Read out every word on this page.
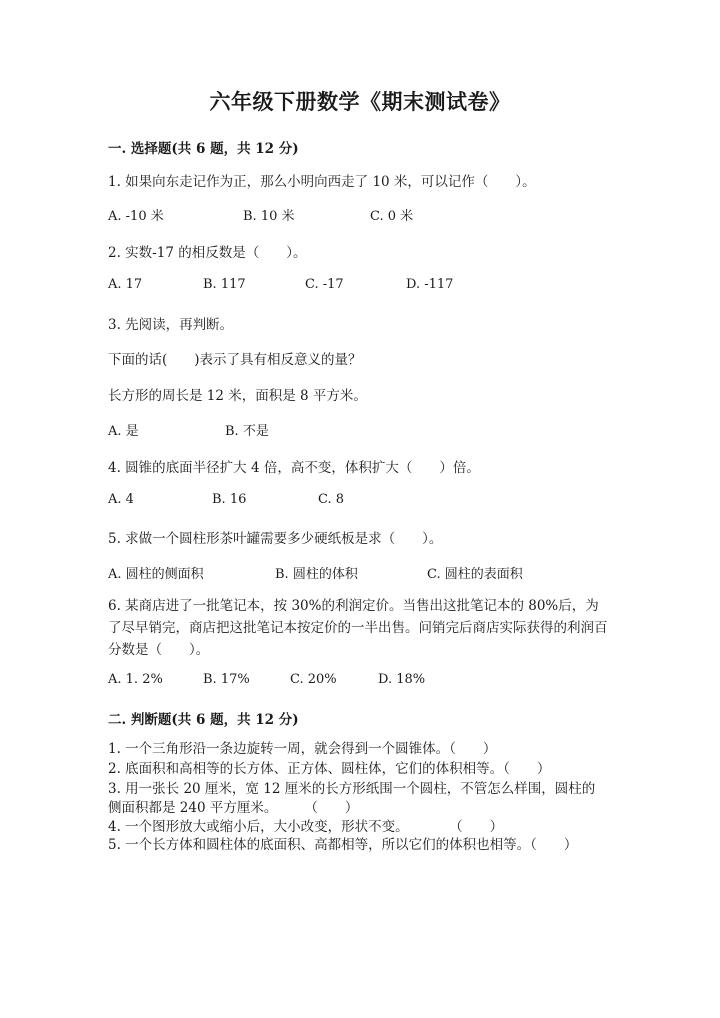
六年级下册数学《期末测试卷》
一. 选择题(共 6 题，共 12 分)
1. 如果向东走记作为正，那么小明向西走了 10 米，可以记作（　　）。
A. -10 米	B. 10 米	C. 0 米
2. 实数-17 的相反数是（　　）。
A. 17	B. 117	C. -17	D. -117
3. 先阅读，再判断。
下面的话(　　)表示了具有相反意义的量？
长方形的周长是 12 米，面积是 8 平方米。
A. 是	B. 不是
4. 圆锥的底面半径扩大 4 倍，高不变，体积扩大（　　）倍。
A. 4	B. 16	C. 8
5. 求做一个圆柱形茶叶罐需要多少硬纸板是求（　　）。
A. 圆柱的侧面积	B. 圆柱的体积	C. 圆柱的表面积
6. 某商店进了一批笔记本，按 30%的利润定价。当售出这批笔记本的 80%后，为了尽早销完，商店把这批笔记本按定价的一半出售。问销完后商店实际获得的利润百分数是（　　）。
A. 1. 2%	B. 17%	C. 20%	D. 18%
二. 判断题(共 6 题，共 12 分)
1. 一个三角形沿一条边旋转一周，就会得到一个圆锥体。（　　）
2. 底面积和高相等的长方体、正方体、圆柱体，它们的体积相等。（　　）
3. 用一张长 20 厘米，宽 12 厘米的长方形纸围一个圆柱，不管怎么样围，圆柱的侧面积都是 240 平方厘米。　　　（　　）
4. 一个图形放大或缩小后，大小改变，形状不变。　　　　（　　）
5. 一个长方体和圆柱体的底面积、高都相等，所以它们的体积也相等。（　　）
